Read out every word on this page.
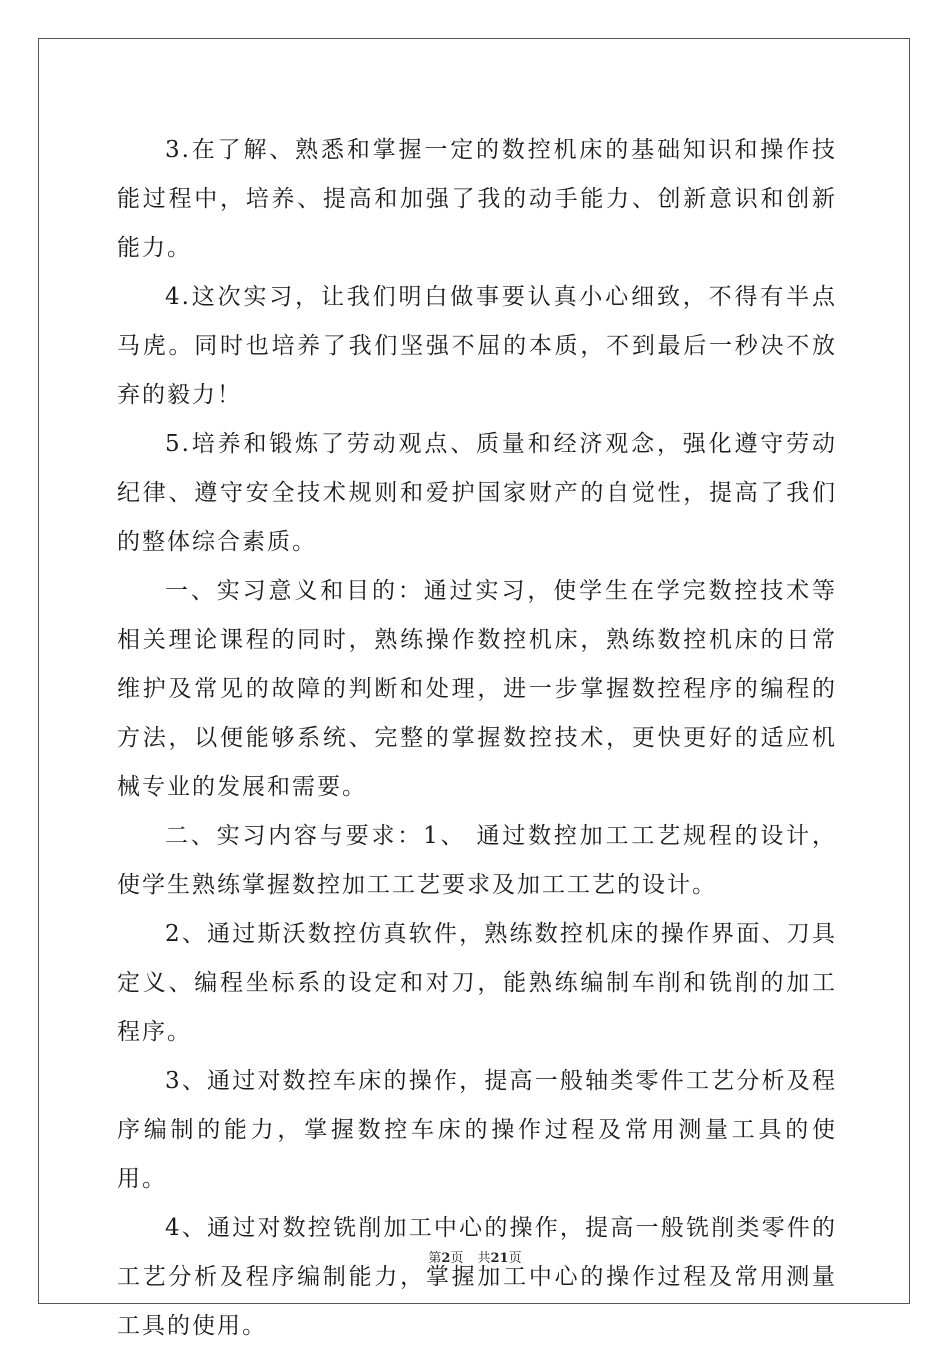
3.在了解、熟悉和掌握一定的数控机床的基础知识和操作技能过程中，培养、提高和加强了我的动手能力、创新意识和创新能力。

4.这次实习，让我们明白做事要认真小心细致，不得有半点马虎。同时也培养了我们坚强不屈的本质，不到最后一秒决不放弃的毅力！

5.培养和锻炼了劳动观点、质量和经济观念，强化遵守劳动纪律、遵守安全技术规则和爱护国家财产的自觉性，提高了我们的整体综合素质。

一、实习意义和目的：通过实习，使学生在学完数控技术等相关理论课程的同时，熟练操作数控机床，熟练数控机床的日常维护及常见的故障的判断和处理，进一步掌握数控程序的编程的方法，以便能够系统、完整的掌握数控技术，更快更好的适应机械专业的发展和需要。

二、实习内容与要求：1、 通过数控加工工艺规程的设计，使学生熟练掌握数控加工工艺要求及加工工艺的设计。

2、通过斯沃数控仿真软件，熟练数控机床的操作界面、刀具定义、编程坐标系的设定和对刀，能熟练编制车削和铣削的加工程序。

3、通过对数控车床的操作，提高一般轴类零件工艺分析及程序编制的能力，掌握数控车床的操作过程及常用测量工具的使用。

4、通过对数控铣削加工中心的操作，提高一般铣削类零件的工艺分析及程序编制能力，掌握加工中心的操作过程及常用测量工具的使用。

第2页 共21页
